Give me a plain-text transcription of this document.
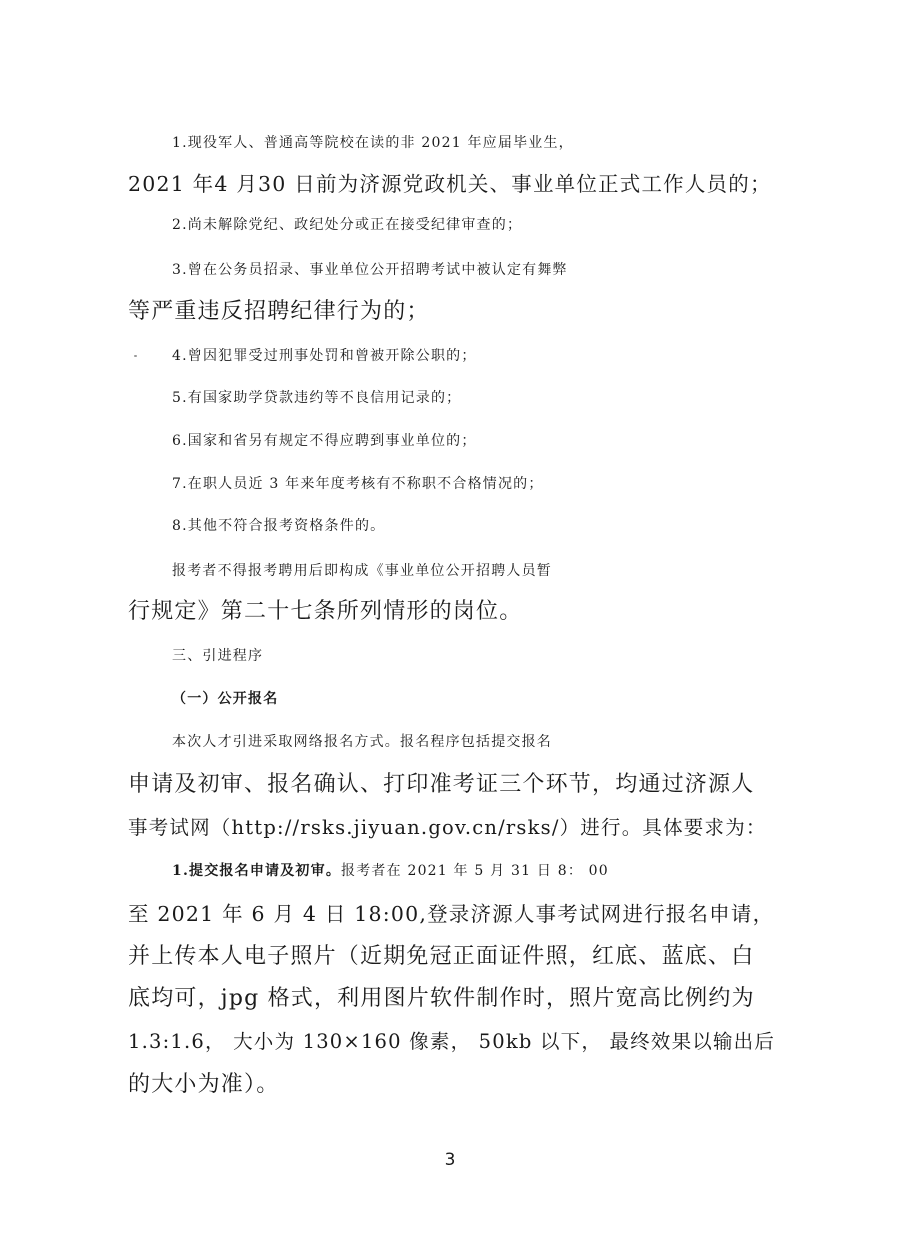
1.现役军人、普通高等院校在读的非 2021 年应届毕业生，
2021 年4 月30 日前为济源党政机关、事业单位正式工作人员的；
2.尚未解除党纪、政纪处分或正在接受纪律审查的；
3.曾在公务员招录、事业单位公开招聘考试中被认定有舞弊
等严重违反招聘纪律行为的；
4.曾因犯罪受过刑事处罚和曾被开除公职的；
5.有国家助学贷款违约等不良信用记录的；
6.国家和省另有规定不得应聘到事业单位的；
7.在职人员近 3 年来年度考核有不称职不合格情况的；
8.其他不符合报考资格条件的。
报考者不得报考聘用后即构成《事业单位公开招聘人员暂
行规定》第二十七条所列情形的岗位。
三、引进程序
（一）公开报名
本次人才引进采取网络报名方式。报名程序包括提交报名
申请及初审、报名确认、打印准考证三个环节，均通过济源人
事考试网（http://rsks.jiyuan.gov.cn/rsks/）进行。具体要求为：
1.提交报名申请及初审。报考者在 2021 年 5 月 31 日 8： 00
至 2021 年 6 月 4 日 18:00,登录济源人事考试网进行报名申请，
并上传本人电子照片（近期免冠正面证件照，红底、蓝底、白
底均可，jpg 格式，利用图片软件制作时，照片宽高比例约为
1.3:1.6， 大小为 130×160 像素， 50kb 以下， 最终效果以输出后
的大小为准）。
3
